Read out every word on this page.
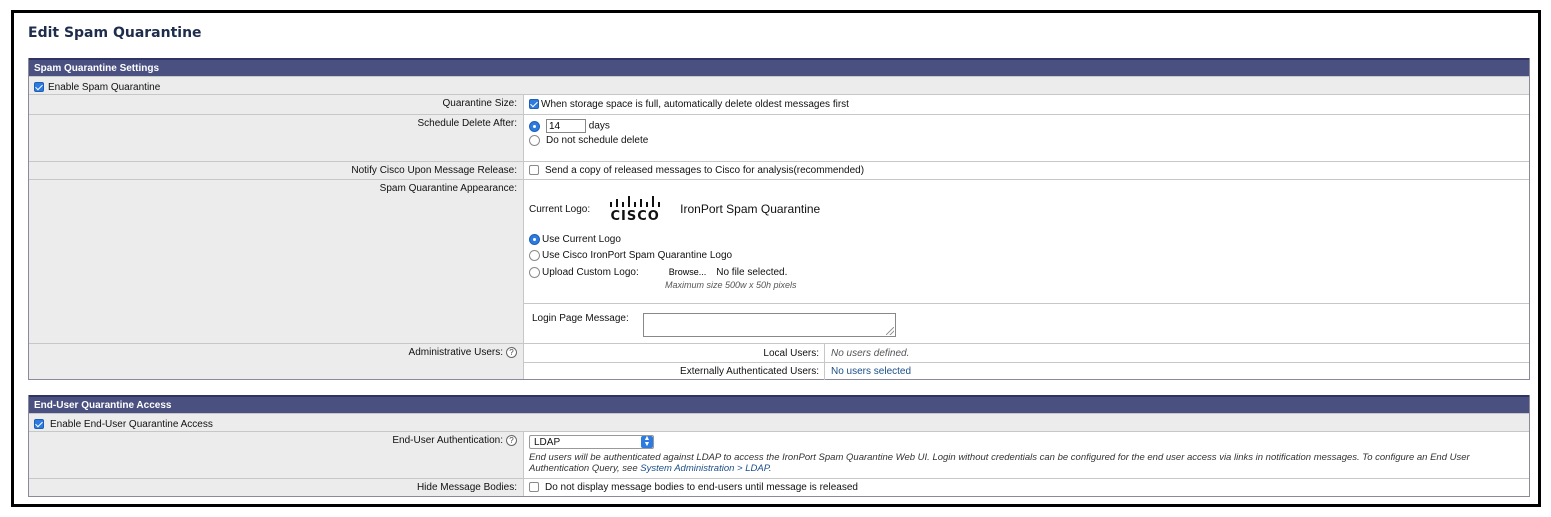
Edit Spam Quarantine
Spam Quarantine Settings
Enable Spam Quarantine
Quarantine Size:	When storage space is full, automatically delete oldest messages first
Schedule Delete After:
14	days
Do not schedule delete
Notify Cisco Upon Message Release:	Send a copy of released messages to Cisco for analysis(recommended)
Spam Quarantine Appearance:
Current Logo: CISCO IronPort Spam Quarantine
Use Current Logo
Use Cisco IronPort Spam Quarantine Logo
Upload Custom Logo:	Browse... No file selected.
Maximum size 500w x 50h pixels
Login Page Message:
Administrative Users: ?	Local Users:	No users defined.
Externally Authenticated Users:	No users selected
End-User Quarantine Access
Enable End-User Quarantine Access
End-User Authentication: ?	LDAP	▲
▼
End users will be authenticated against LDAP to access the IronPort Spam Quarantine Web UI. Login without credentials can be configured for the end user access via links in notification messages. To configure an End User Authentication Query, see System Administration > LDAP.
Hide Message Bodies:	Do not display message bodies to end-users until message is released
